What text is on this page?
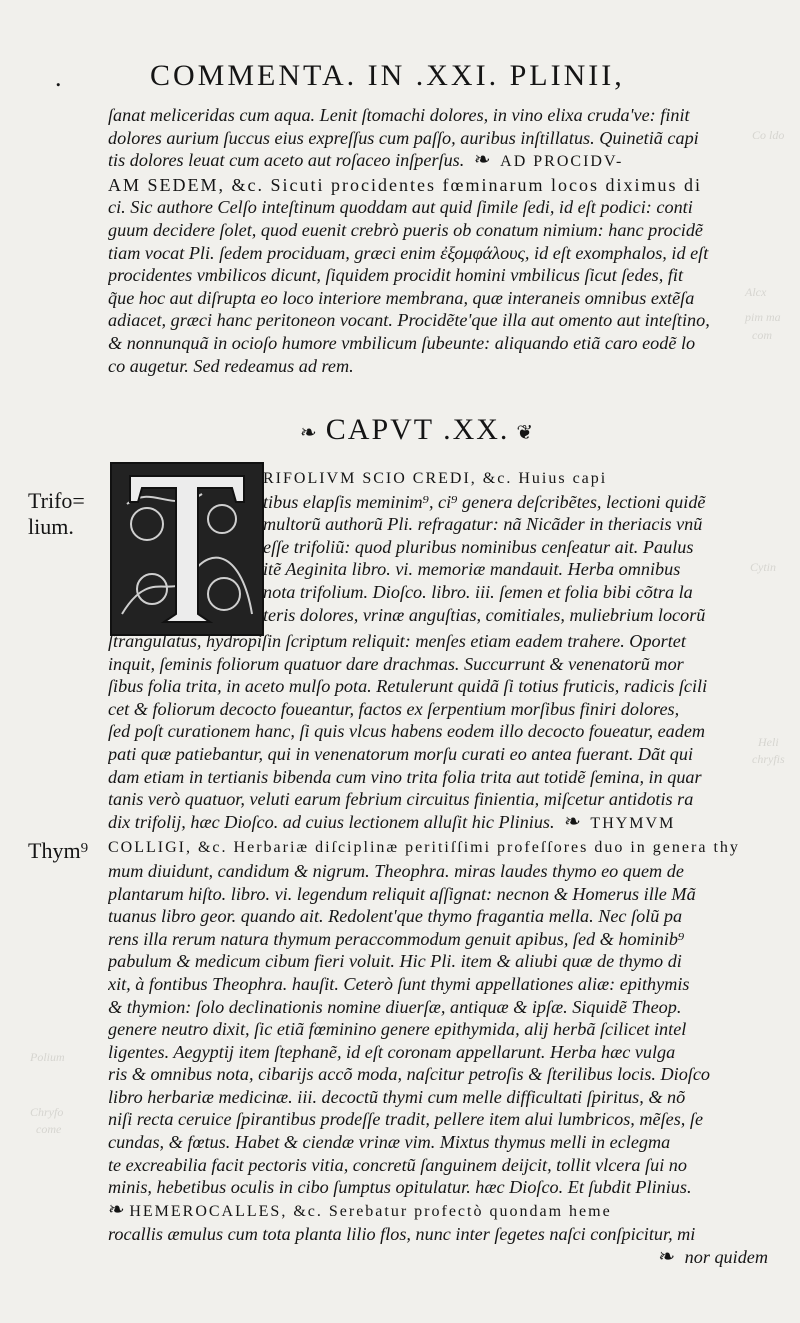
Co ldo
Alcx
pim ma
com
Cytin
Heli
chryfis
Polium
Chryfo
come
.	COMMENTA. IN .XXI. PLINII,
ſanat meliceridas cum aqua. Lenit ſtomachi dolores, in vino elixa cruda've: finit
dolores aurium ſuccus eius expreſſus cum paſſo, auribus inſtillatus. Quinetiã capi
tis dolores leuat cum aceto aut roſaceo inſperſus.  ❧  AD PROCIDV-
AM SEDEM, &c. Sicuti procidentes fœminarum locos diximus di
ci. Sic authore Celſo inteſtinum quoddam aut quid ſimile ſedi, id eſt podici: conti
guum decidere ſolet, quod euenit crebrò pueris ob conatum nimium: hanc procidẽ
tiam vocat Pli. ſedem prociduam, græci enim ἐξομφάλους, id eſt exomphalos, id eſt
procidentes vmbilicos dicunt, ſiquidem procidit homini vmbilicus ſicut ſedes, fit
q̃ue hoc aut diſrupta eo loco interiore membrana, quæ interaneis omnibus extẽſa
adiacet, græci hanc peritoneon vocant. Procidẽte'que illa aut omento aut inteſtino,
& nonnunquã in ocioſo humore vmbilicum ſubeunte: aliquando etiã caro eodẽ lo
co augetur. Sed redeamus ad rem.
❧ CAPVT .XX. ❦
Trifo=
lium.
RIFOLIVM SCIO CREDI, &c. Huius capi
tibus elapſis meminim⁹, ci⁹ genera deſcribẽtes, lectioni quidẽ
multorũ authorũ Pli. refragatur: nã Nicãder in theriacis vnũ
eſſe trifoliũ: quod pluribus nominibus cenſeatur ait. Paulus
itẽ Aeginita libro. vi. memoriæ mandauit. Herba omnibus
nota trifolium. Dioſco. libro. iii. ſemen et folia bibi cõtra la
teris dolores, vrinæ anguſtias, comitiales, muliebrium locorũ
ſtrangulatus, hydropiſin ſcriptum reliquit: menſes etiam eadem trahere. Oportet
inquit, ſeminis foliorum quatuor dare drachmas. Succurrunt & venenatorũ mor
ſibus folia trita, in aceto mulſo pota. Retulerunt quidã ſi totius fruticis, radicis ſcili
cet & foliorum decocto foueantur, factos ex ſerpentium morſibus finiri dolores,
ſed poſt curationem hanc, ſi quis vlcus habens eodem illo decocto foueatur, eadem
pati quæ patiebantur, qui in venenatorum morſu curati eo antea fuerant. Dãt qui
dam etiam in tertianis bibenda cum vino trita folia trita aut totidẽ ſemina, in quar
tanis verò quatuor, veluti earum febrium circuitus finientia, miſcetur antidotis ra
dix trifolij, hæc Dioſco. ad cuius lectionem alluſit hic Plinius.  ❧  THYMVM
COLLIGI, &c. Herbariæ diſciplinæ peritiſſimi profeſſores duo in genera thy
mum diuidunt, candidum & nigrum. Theophra. miras laudes thymo eo quem de
plantarum hiſto. libro. vi. legendum reliquit aſſignat: necnon & Homerus ille Mã
tuanus libro geor. quando ait. Redolent'que thymo fragantia mella. Nec ſolũ pa
rens illa rerum natura thymum peraccommodum genuit apibus, ſed & hominib⁹
pabulum & medicum cibum fieri voluit. Hic Pli. item & aliubi quæ de thymo di
xit, à fontibus Theophra. hauſit. Ceterò ſunt thymi appellationes aliæ: epithymis
& thymion: ſolo declinationis nomine diuerſæ, antiquæ & ipſæ. Siquidẽ Theop.
genere neutro dixit, ſic etiã fœminino genere epithymida, alij herbã ſcilicet intel
ligentes. Aegyptij item ſtephanẽ, id eſt coronam appellarunt. Herba hæc vulga
ris & omnibus nota, cibarijs accõ moda, naſcitur petroſis & ſterilibus locis. Dioſco
libro herbariæ medicinæ. iii. decoctũ thymi cum melle difficultati ſpiritus, & nõ
niſi recta ceruice ſpirantibus prodeſſe tradit, pellere item alui lumbricos, mẽſes, ſe
cundas, & fœtus. Habet & ciendæ vrinæ vim. Mixtus thymus melli in eclegma
te excreabilia facit pectoris vitia, concretũ ſanguinem deijcit, tollit vlcera ſui no
minis, hebetibus oculis in cibo ſumptus opitulatur. hæc Dioſco. Et ſubdit Plinius.
❧ HEMEROCALLES, &c. Serebatur profectò quondam heme
rocallis æmulus cum tota planta lilio flos, nunc inter ſegetes naſci conſpicitur, mi
❧  nor quidem
Thym⁹
